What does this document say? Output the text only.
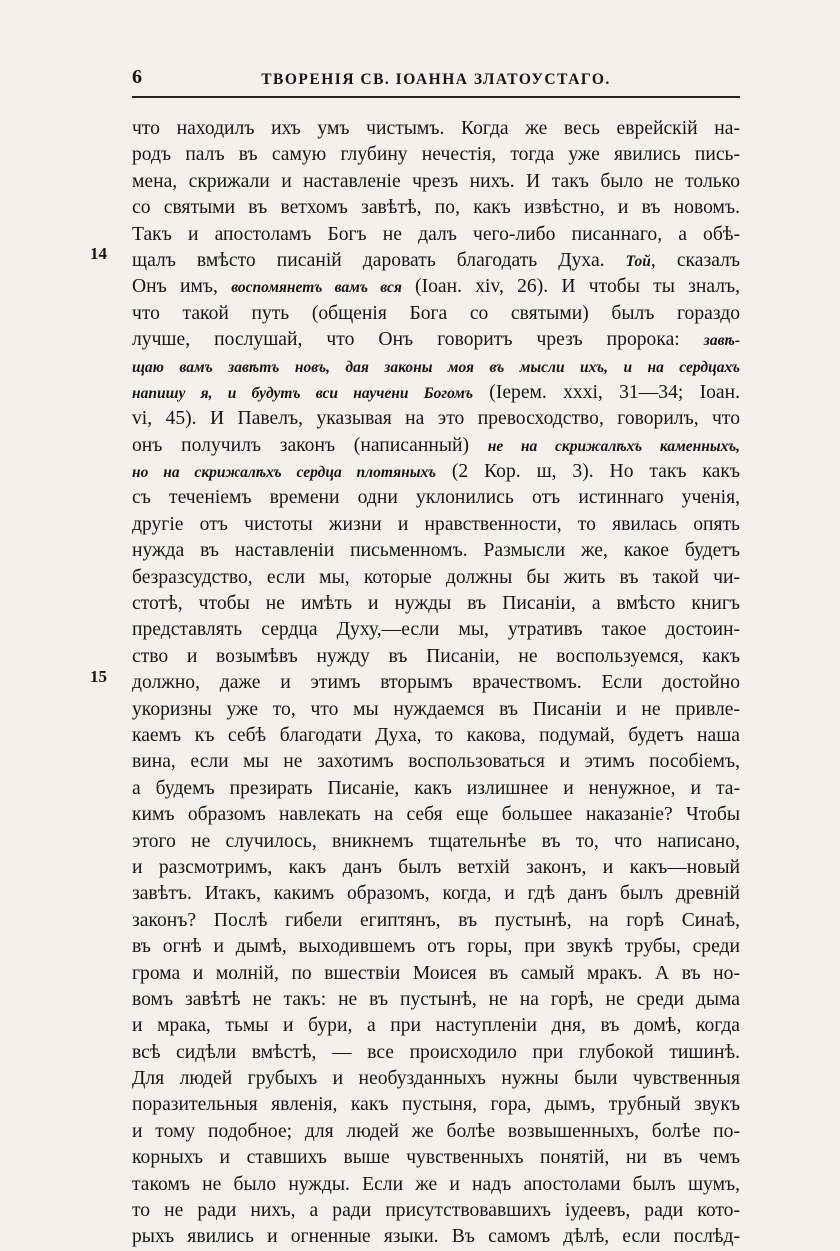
6	ТВОРЕНІЯ СВ. ІОАННА ЗЛАТОУСТАГО.
14
15
что находилъ ихъ умъ чистымъ. Когда же весь еврейскій на-
родъ палъ въ самую глубину нечестія, тогда уже явились пись-
мена, скрижали и наставленіе чрезъ нихъ. И такъ было не только
со святыми въ ветхомъ завѣтѣ, по, какъ извѣстно, и въ новомъ.
Такъ и апостоламъ Богъ не далъ чего-либо писаннаго, а обѣ-
щалъ вмѣсто писаній даровать благодать Духа. Той, сказалъ
Онъ имъ, воспомянетъ вамъ вся (Іоан. xiv, 26). И чтобы ты зналъ,
что такой путь (общенія Бога со святыми) былъ гораздо
лучше, послушай, что Онъ говоритъ чрезъ пророка: завѣ-
щаю вамъ завѣтъ новъ, дая законы моя въ мысли ихъ, и на сердцахъ
напишу я, и будутъ вси научени Богомъ (Iерем. xxxi, 31—34; Іоан.
vi, 45). И Павелъ, указывая на это превосходство, говорилъ, что
онъ получилъ законъ (написанный) не на скрижалѣхъ каменныхъ,
но на скрижалѣхъ сердца плотяныхъ (2 Кор. ш, 3). Но такъ какъ
съ теченіемъ времени одни уклонились отъ истиннаго ученія,
другіе отъ чистоты жизни и нравственности, то явилась опять
нужда въ наставленіи письменномъ. Размысли же, какое будетъ
безразсудство, если мы, которые должны бы жить въ такой чи-
стотѣ, чтобы не имѣть и нужды въ Писаніи, а вмѣсто книгъ
представлять сердца Духу,—если мы, утративъ такое достоин-
ство и возымѣвъ нужду въ Писаніи, не воспользуемся, какъ
должно, даже и этимъ вторымъ врачествомъ. Если достойно
укоризны уже то, что мы нуждаемся въ Писаніи и не привле-
каемъ къ себѣ благодати Духа, то какова, подумай, будетъ наша
вина, если мы не захотимъ воспользоваться и этимъ пособіемъ,
а будемъ презирать Писаніе, какъ излишнее и ненужное, и та-
кимъ образомъ навлекать на себя еще большее наказаніе? Чтобы
этого не случилось, вникнемъ тщательнѣе въ то, что написано,
и разсмотримъ, какъ данъ былъ ветхій законъ, и какъ—новый
завѣтъ. Итакъ, какимъ образомъ, когда, и гдѣ данъ былъ древній
законъ? Послѣ гибели египтянъ, въ пустынѣ, на горѣ Синаѣ,
въ огнѣ и дымѣ, выходившемъ отъ горы, при звукѣ трубы, среди
грома и молній, по вшествіи Моисея въ самый мракъ. А въ но-
вомъ завѣтѣ не такъ: не въ пустынѣ, не на горѣ, не среди дыма
и мрака, тьмы и бури, а при наступленіи дня, въ домѣ, когда
всѣ сидѣли вмѣстѣ, — все происходило при глубокой тишинѣ.
Для людей грубыхъ и необузданныхъ нужны были чувственныя
поразительныя явленія, какъ пустыня, гора, дымъ, трубный звукъ
и тому подобное; для людей же болѣе возвышенныхъ, болѣе по-
корныхъ и ставшихъ выше чувственныхъ понятій, ни въ чемъ
такомъ не было нужды. Если же и надъ апостолами былъ шумъ,
то не ради нихъ, а ради присутствовавшихъ іудеевъ, ради кото-
рыхъ явились и огненные языки. Въ самомъ дѣлѣ, если послѣд-
